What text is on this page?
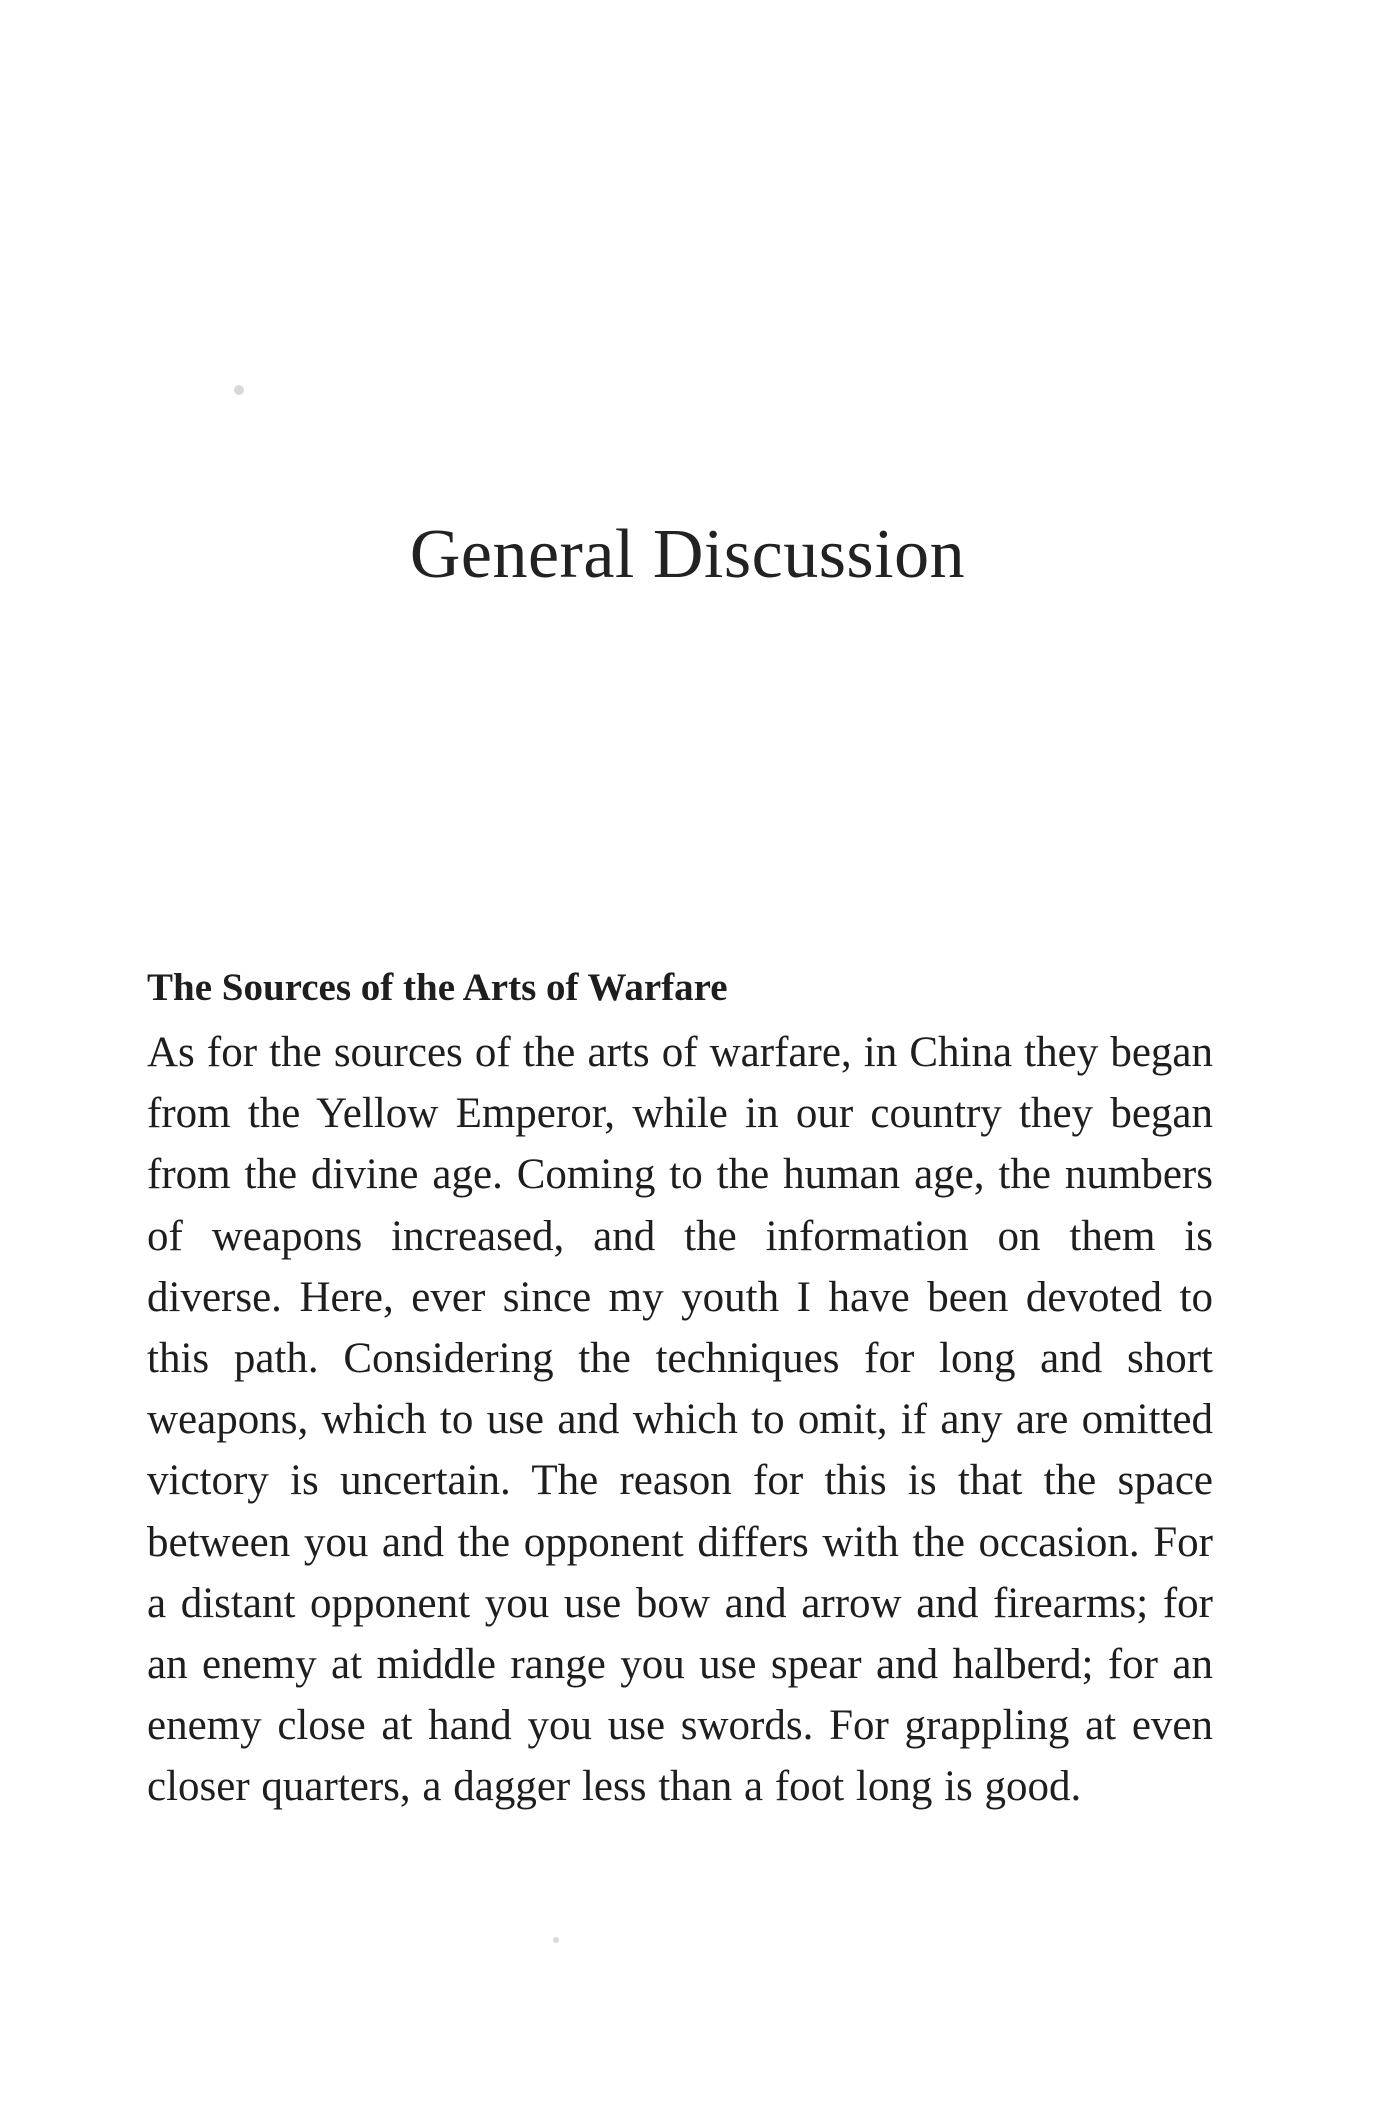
General Discussion
The Sources of the Arts of Warfare

As for the sources of the arts of warfare, in China they began from the Yellow Emperor, while in our country they began from the divine age. Coming to the human age, the numbers of weapons increased, and the information on them is diverse. Here, ever since my youth I have been devoted to this path. Considering the techniques for long and short weapons, which to use and which to omit, if any are omitted victory is uncertain. The reason for this is that the space between you and the opponent differs with the occasion. For a distant opponent you use bow and arrow and firearms; for an enemy at middle range you use spear and halberd; for an enemy close at hand you use swords. For grappling at even closer quarters, a dagger less than a foot long is good.
